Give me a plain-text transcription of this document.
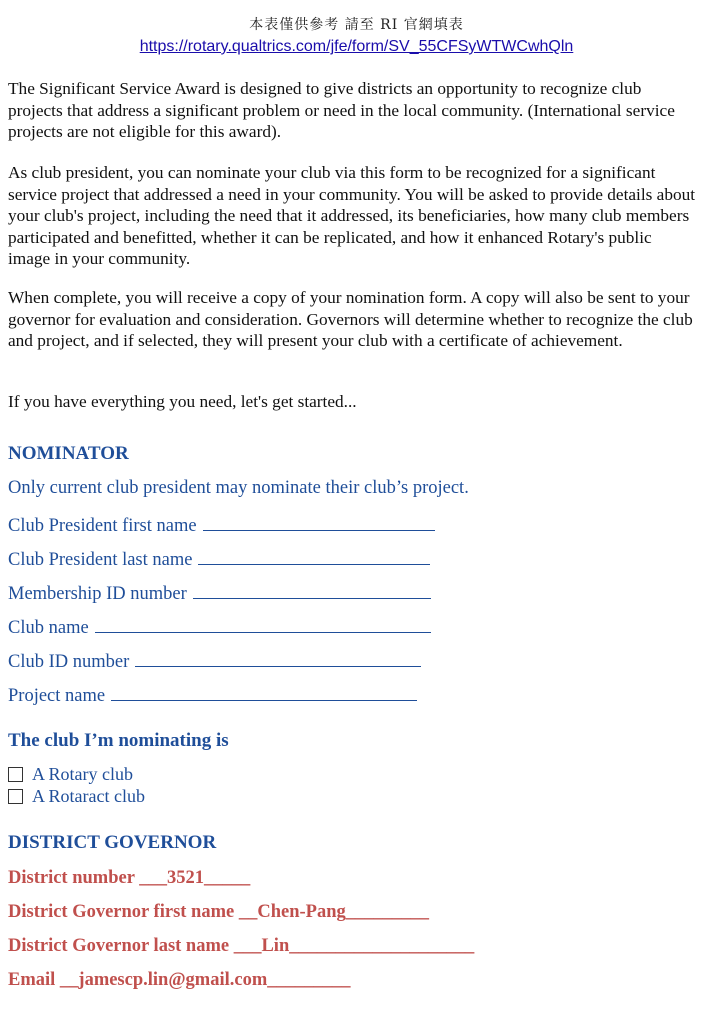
本表僅供參考 請至 RI 官網填表
https://rotary.qualtrics.com/jfe/form/SV_55CFSyWTWCwhQln

The Significant Service Award is designed to give districts an opportunity to recognize club projects that address a significant problem or need in the local community. (International service projects are not eligible for this award).

As club president, you can nominate your club via this form to be recognized for a significant service project that addressed a need in your community. You will be asked to provide details about your club's project, including the need that it addressed, its beneficiaries, how many club members participated and benefitted, whether it can be replicated, and how it enhanced Rotary's public image in your community.

When complete, you will receive a copy of your nomination form. A copy will also be sent to your governor for evaluation and consideration. Governors will determine whether to recognize the club and project, and if selected, they will present your club with a certificate of achievement.

If you have everything you need, let's get started...

NOMINATOR
Only current club president may nominate their club’s project.
Club President first name
Club President last name
Membership ID number
Club name
Club ID number
Project name
The club I’m nominating is
A Rotary club
A Rotaract club
DISTRICT GOVERNOR
District number ___3521_____
District Governor first name __Chen-Pang_________
District Governor last name ___Lin____________________
Email __jamescp.lin@gmail.com_________
